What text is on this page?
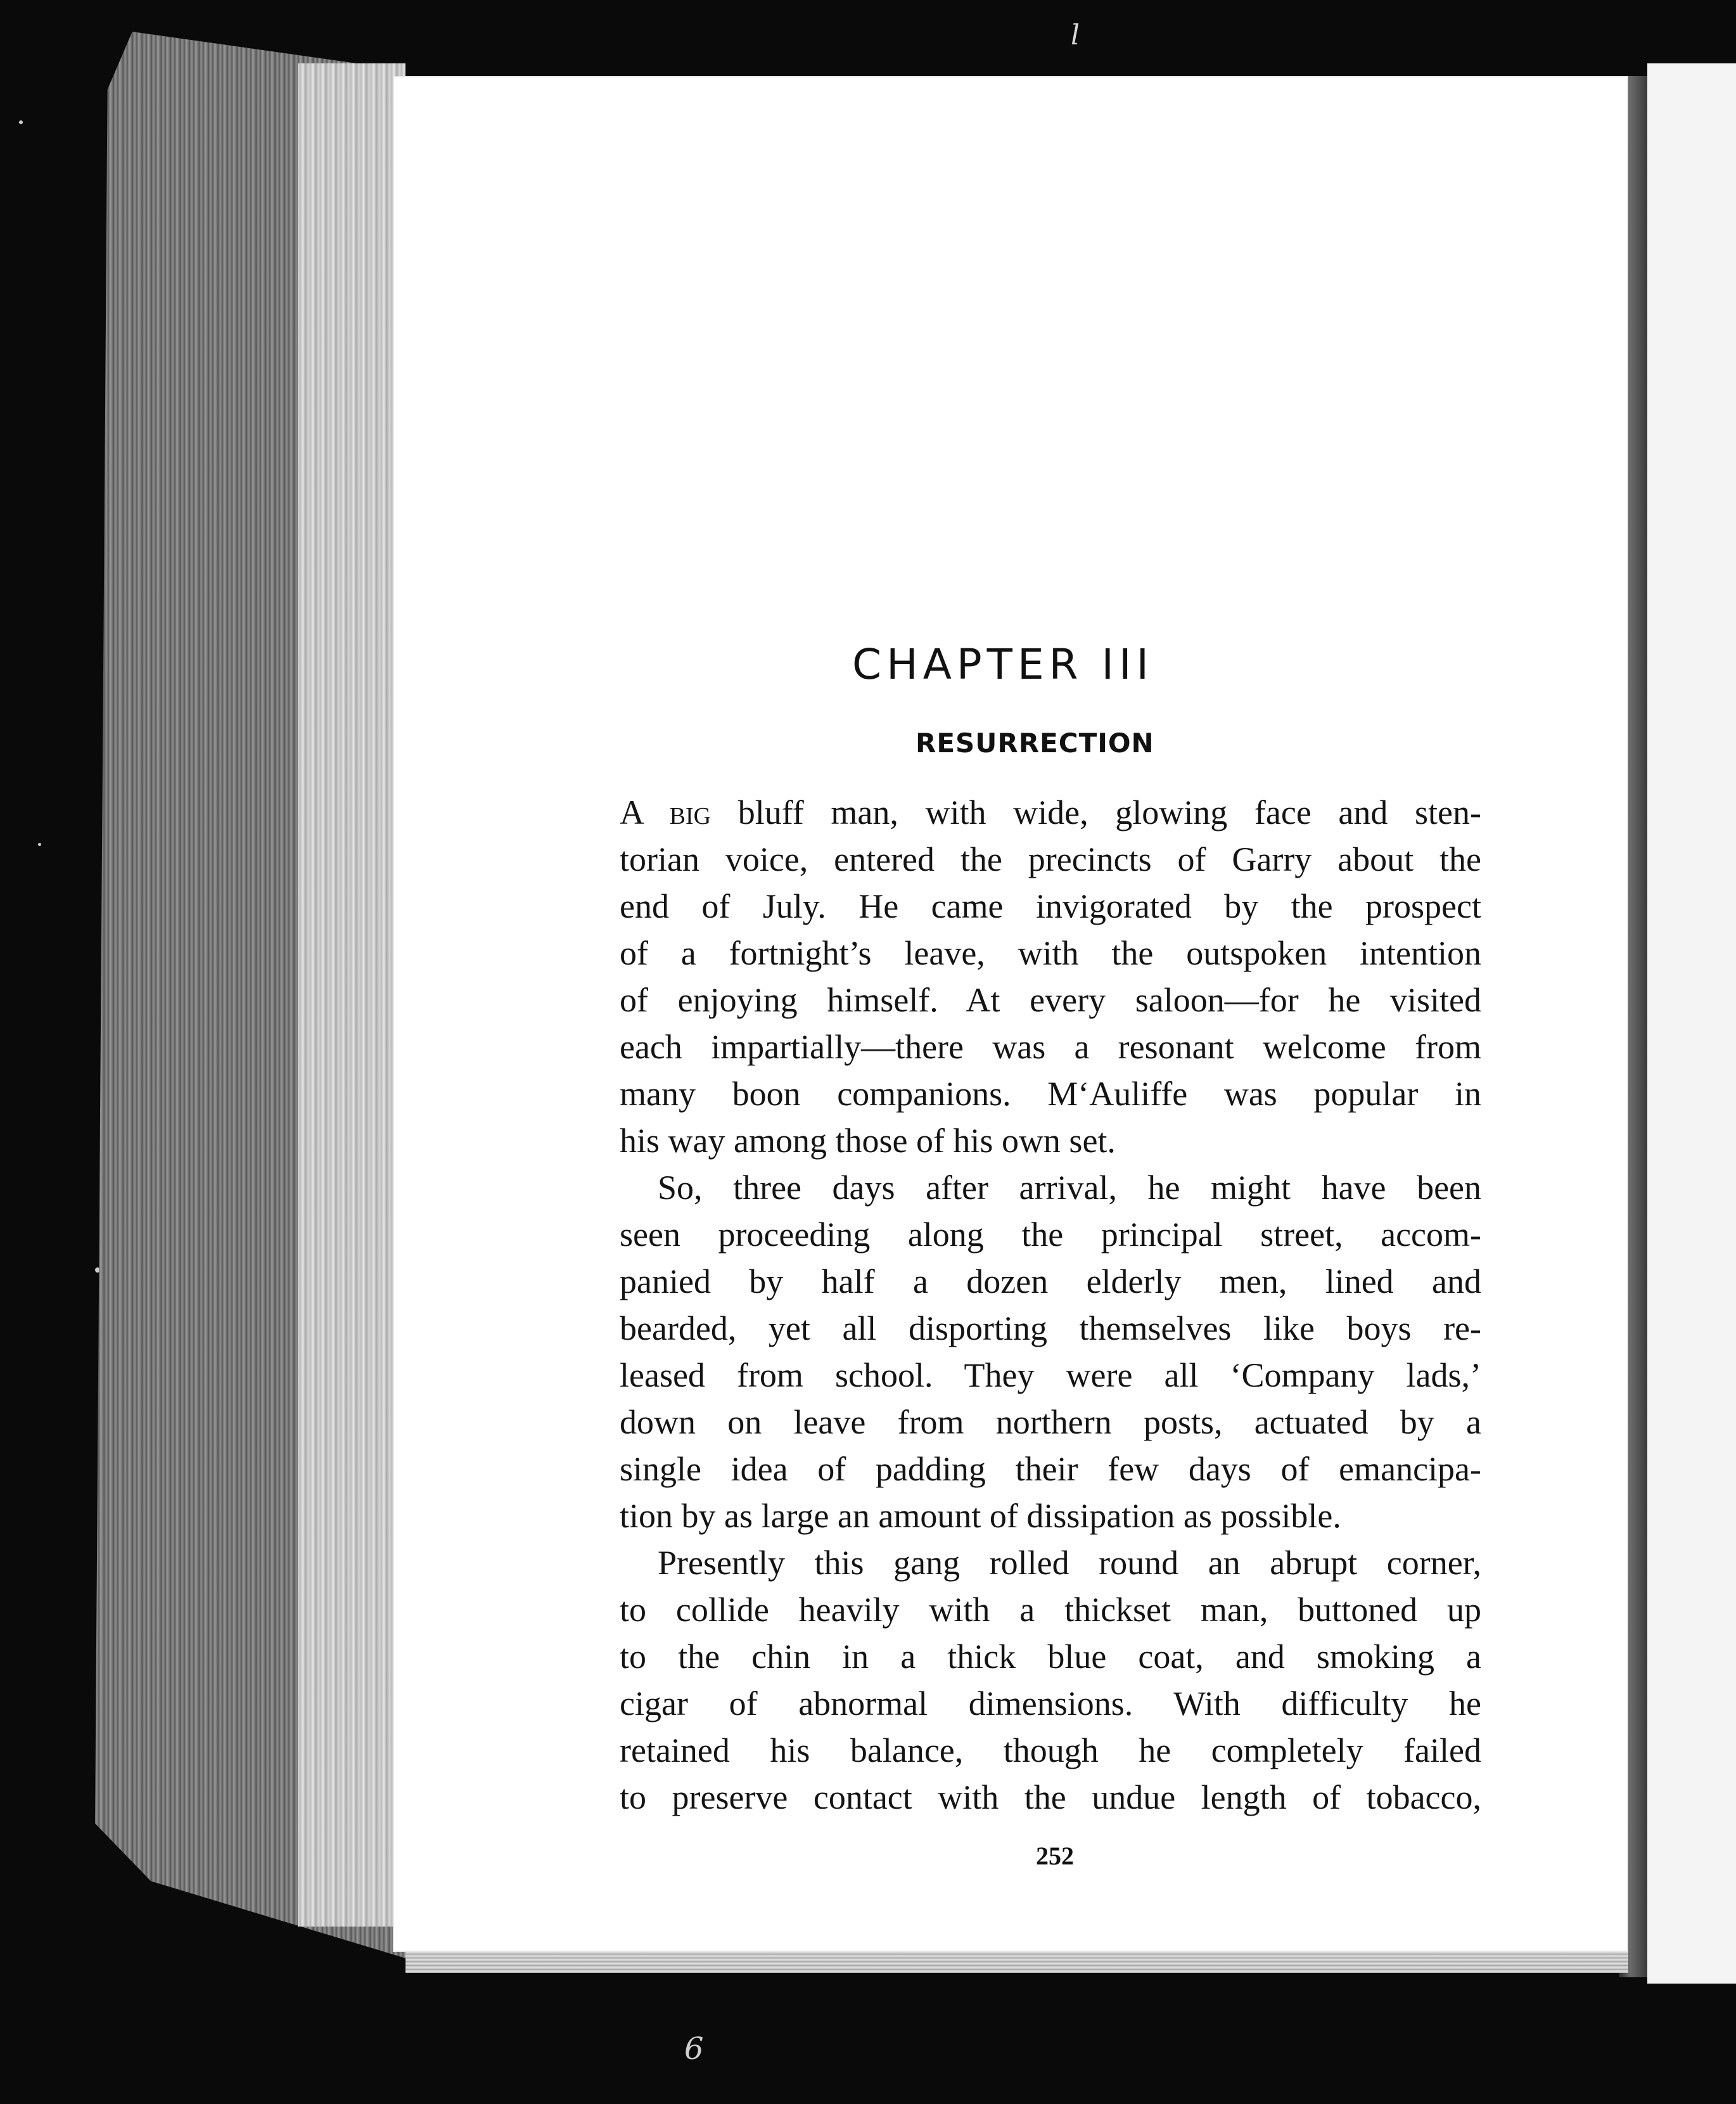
l
CHAPTER III
RESURRECTION
A big bluff man, with wide, glowing face and sten-
torian voice, entered the precincts of Garry about the
end of July. He came invigorated by the prospect
of a fortnight’s leave, with the outspoken intention
of enjoying himself. At every saloon—for he visited
each impartially—there was a resonant welcome from
many boon companions. M‘Auliffe was popular in
his way among those of his own set.
So, three days after arrival, he might have been
seen proceeding along the principal street, accom-
panied by half a dozen elderly men, lined and
bearded, yet all disporting themselves like boys re-
leased from school. They were all ‘Company lads,’
down on leave from northern posts, actuated by a
single idea of padding their few days of emancipa-
tion by as large an amount of dissipation as possible.
Presently this gang rolled round an abrupt corner,
to collide heavily with a thickset man, buttoned up
to the chin in a thick blue coat, and smoking a
cigar of abnormal dimensions. With difficulty he
retained his balance, though he completely failed
to preserve contact with the undue length of tobacco,
252
6
